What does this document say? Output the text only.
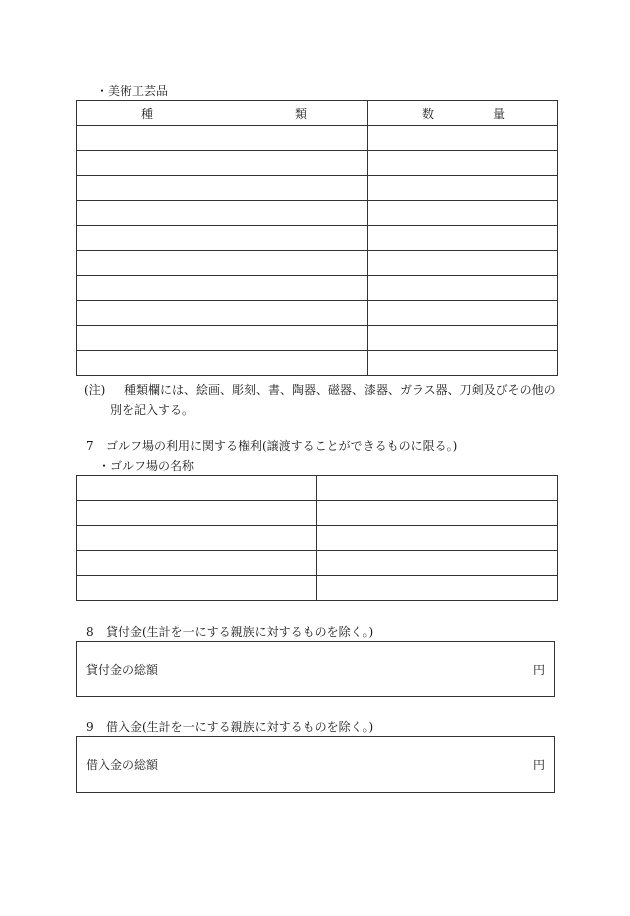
・美術工芸品
種 類	数 量

(注) 種類欄には、絵画、彫刻、書、陶器、磁器、漆器、ガラス器、刀剣及びその他の
別を記入する。
7 ゴルフ場の利用に関する権利(譲渡することができるものに限る。)
・ゴルフ場の名称

8 貸付金(生計を一にする親族に対するものを除く。)
貸付金の総額	円
9 借入金(生計を一にする親族に対するものを除く。)
借入金の総額	円
